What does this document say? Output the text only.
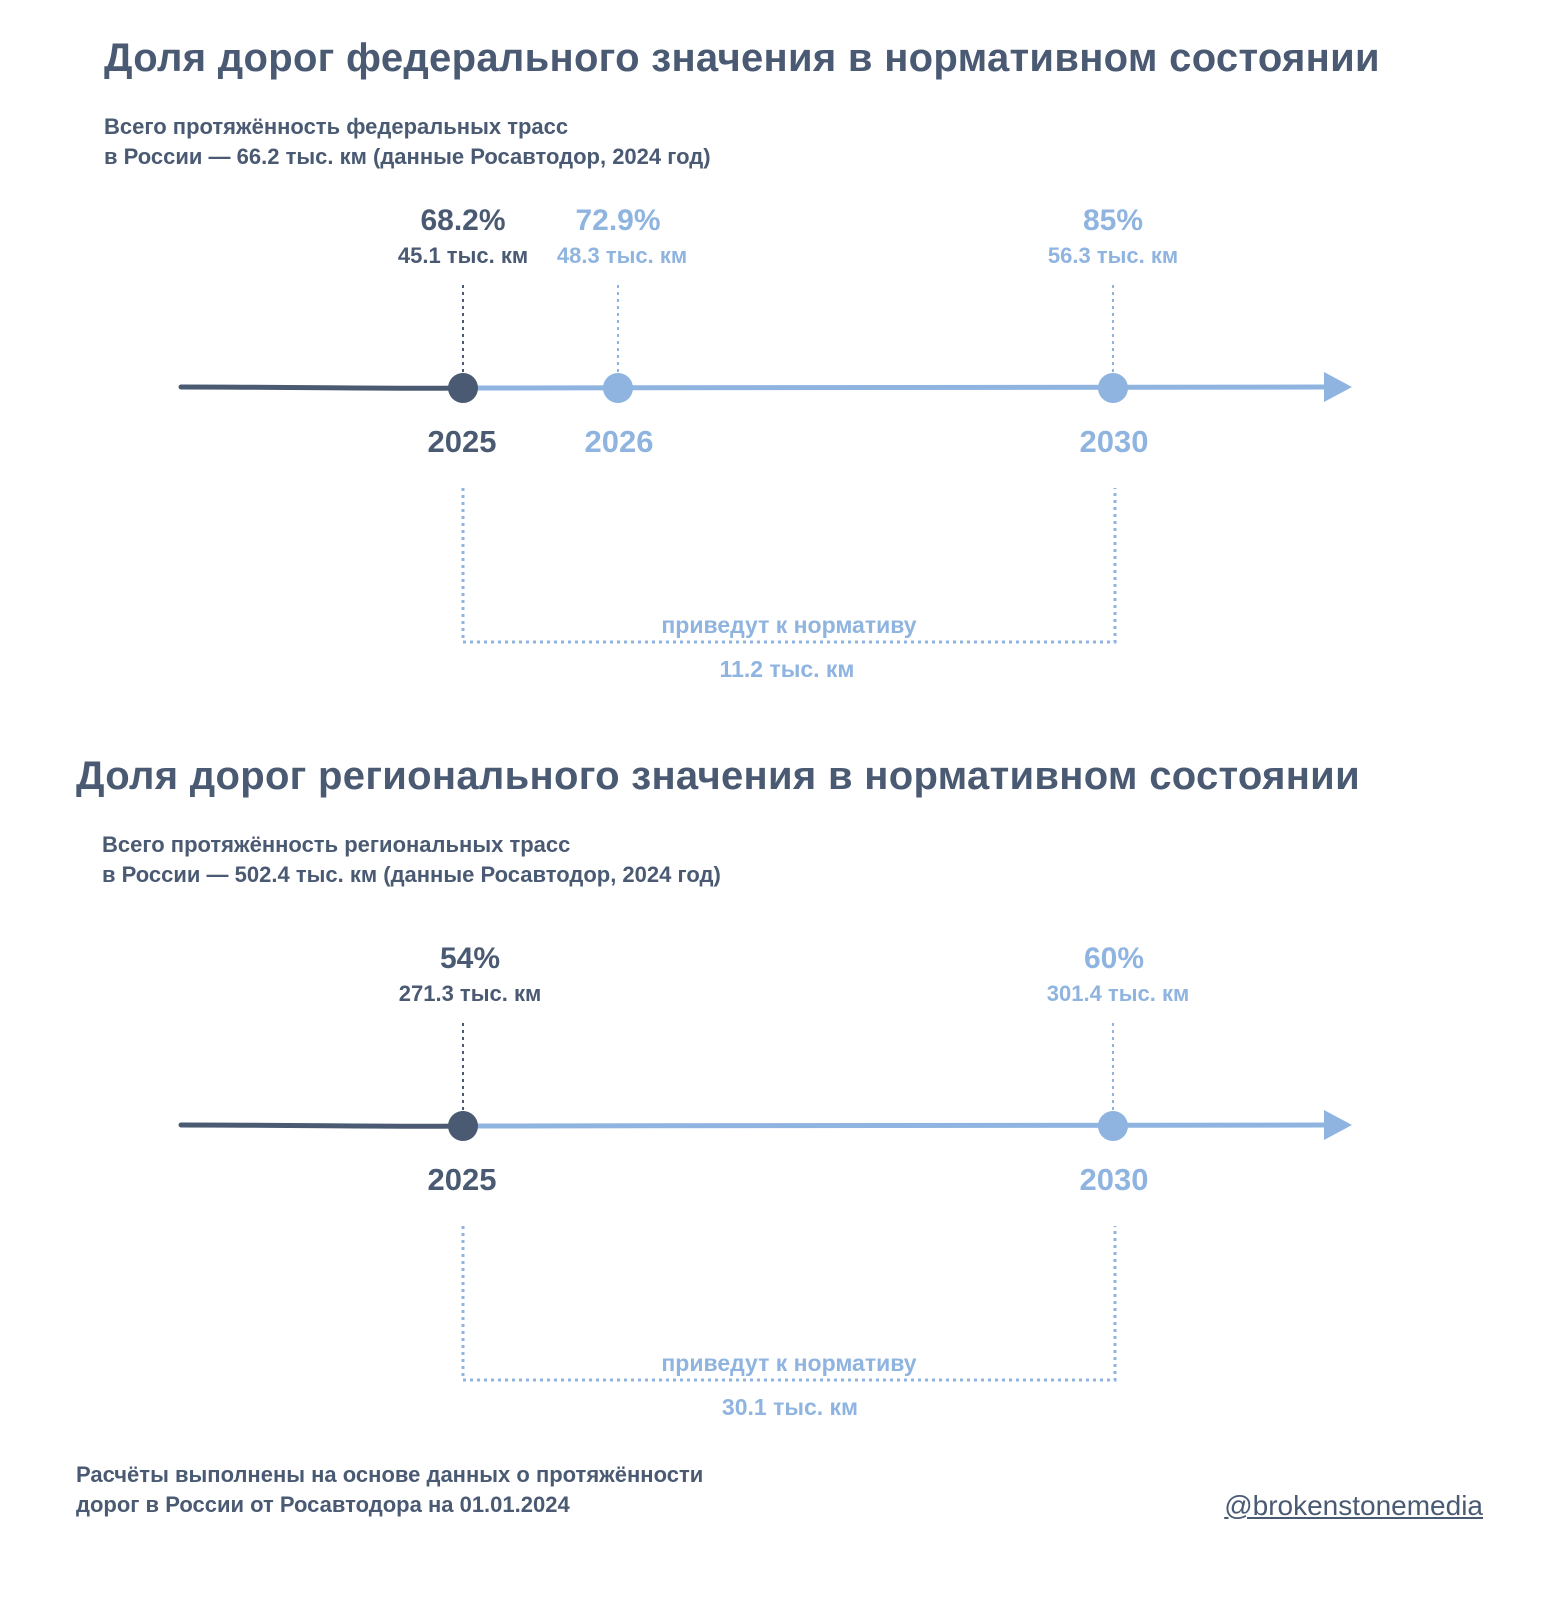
Доля дорог федерального значения в нормативном состоянии
Всего протяжённость федеральных трасс
в России — 66.2 тыс. км (данные Росавтодор, 2024 год)
68.2%
45.1 тыс. км
72.9%
48.3 тыс. км
85%
56.3 тыс. км
2025	2026	2030
приведут к нормативу
11.2 тыс. км
Доля дорог регионального значения в нормативном состоянии
Всего протяжённость региональных трасс
в России — 502.4 тыс. км (данные Росавтодор, 2024 год)
54%
271.3 тыс. км
60%
301.4 тыс. км
2025	2030
приведут к нормативу
30.1 тыс. км
Расчёты выполнены на основе данных о протяжённости
дорог в России от Росавтодора на 01.01.2024	@brokenstonemedia
